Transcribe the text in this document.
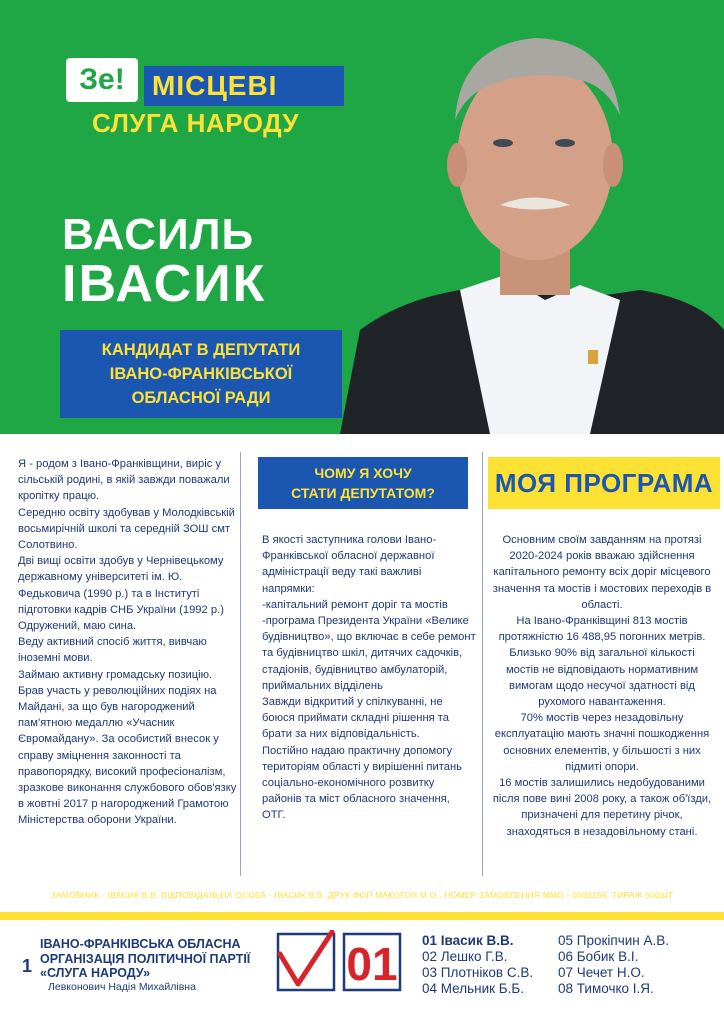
Зе! МІСЦЕВІ
СЛУГА НАРОДУ
ВАСИЛЬ
ІВАСИК
КАНДИДАТ В ДЕПУТАТИ
ІВАНО-ФРАНКІВСЬКОЇ
ОБЛАСНОЇ РАДИ

Я - родом з Івано-Франківщини, виріс у сільській родині, в якій завжди поважали кропітку працю.

Середню освіту здобував у Молодківській восьмирічній школі та середній ЗОШ смт Солотвино.

Дві вищі освіти здобув у Чернівецькому державному університеті ім. Ю. Федьковича (1990 р.) та в Інституті підготовки кадрів СНБ України (1992 р.)

Одружений, маю сина.

Веду активний спосіб життя, вивчаю іноземні мови.

Займаю активну громадську позицію.

Брав участь у революційних подіях на Майдані, за що був нагороджений пам'ятною медаллю «Учасник Євромайдану». За особистий внесок у справу зміцнення законності та правопорядку, високий професіоналізм, зразкове виконання службового обов'язку в жовтні 2017 р нагороджений Грамотою Міністерства оборони України.

ЧОМУ Я ХОЧУ
СТАТИ ДЕПУТАТОМ?

В якості заступника голови Івано-Франківської обласної державної адміністрації веду такі важливі напрямки:

-капітальний ремонт доріг та мостів

-програма Президента України «Велике будівництво», що включає в себе ремонт та будівництво шкіл, дитячих садочків, стадіонів, будівництво амбулаторій, приймальних відділень

Завжди відкритий у спілкуванні, не боюся приймати складні рішення та брати за них відповідальність.

Постійно надаю практичну допомогу територіям області у вирішенні питань соціально-економічного розвитку районів та міст обласного значення, ОТГ.

МОЯ ПРОГРАМА

Основним своїм завданням на протязі 2020-2024 років вважаю здійснення капітального ремонту всіх доріг місцевого значення та мостів і мостових переходів в області.

На Івано-Франківщині 813 мостів протяжністю 16 488,95 погонних метрів. Близько 90% від загальної кількості мостів не відповідають нормативним вимогам щодо несучої здатності від рухомого навантаження.

70% мостів через незадовільну експлуатацію мають значні пошкодження основних елементів, у більшості з них підмиті опори.

16 мостів залишились недобудованими після пове вині 2008 року, а також об'їзди, призначені для перетину річок, знаходяться в незадовільному стані.

ЗАМОВНИК - ІВАСИК В.В. ВІДПОВІДАЛЬНА ОСОБА - ІВАСИК В.В. ДРУК ФОП МАКОГОН М.О., НОМЕР ЗАМОВЛЕННЯ ММО - 0000156, ТИРАЖ 500ШТ
1
ІВАНО-ФРАНКІВСЬКА ОБЛАСНА
ОРГАНІЗАЦІЯ ПОЛІТИЧНОЇ ПАРТІЇ
«СЛУГА НАРОДУ»
Левконович Надія Михайлівна	01 01 Івасик В.В.
02 Лешко Г.В.
03 Плотніков С.В.
04 Мельник Б.Б.
05 Прокіпчин А.В.
06 Бобик В.І.
07 Чечет Н.О.
08 Тимочко І.Я.
